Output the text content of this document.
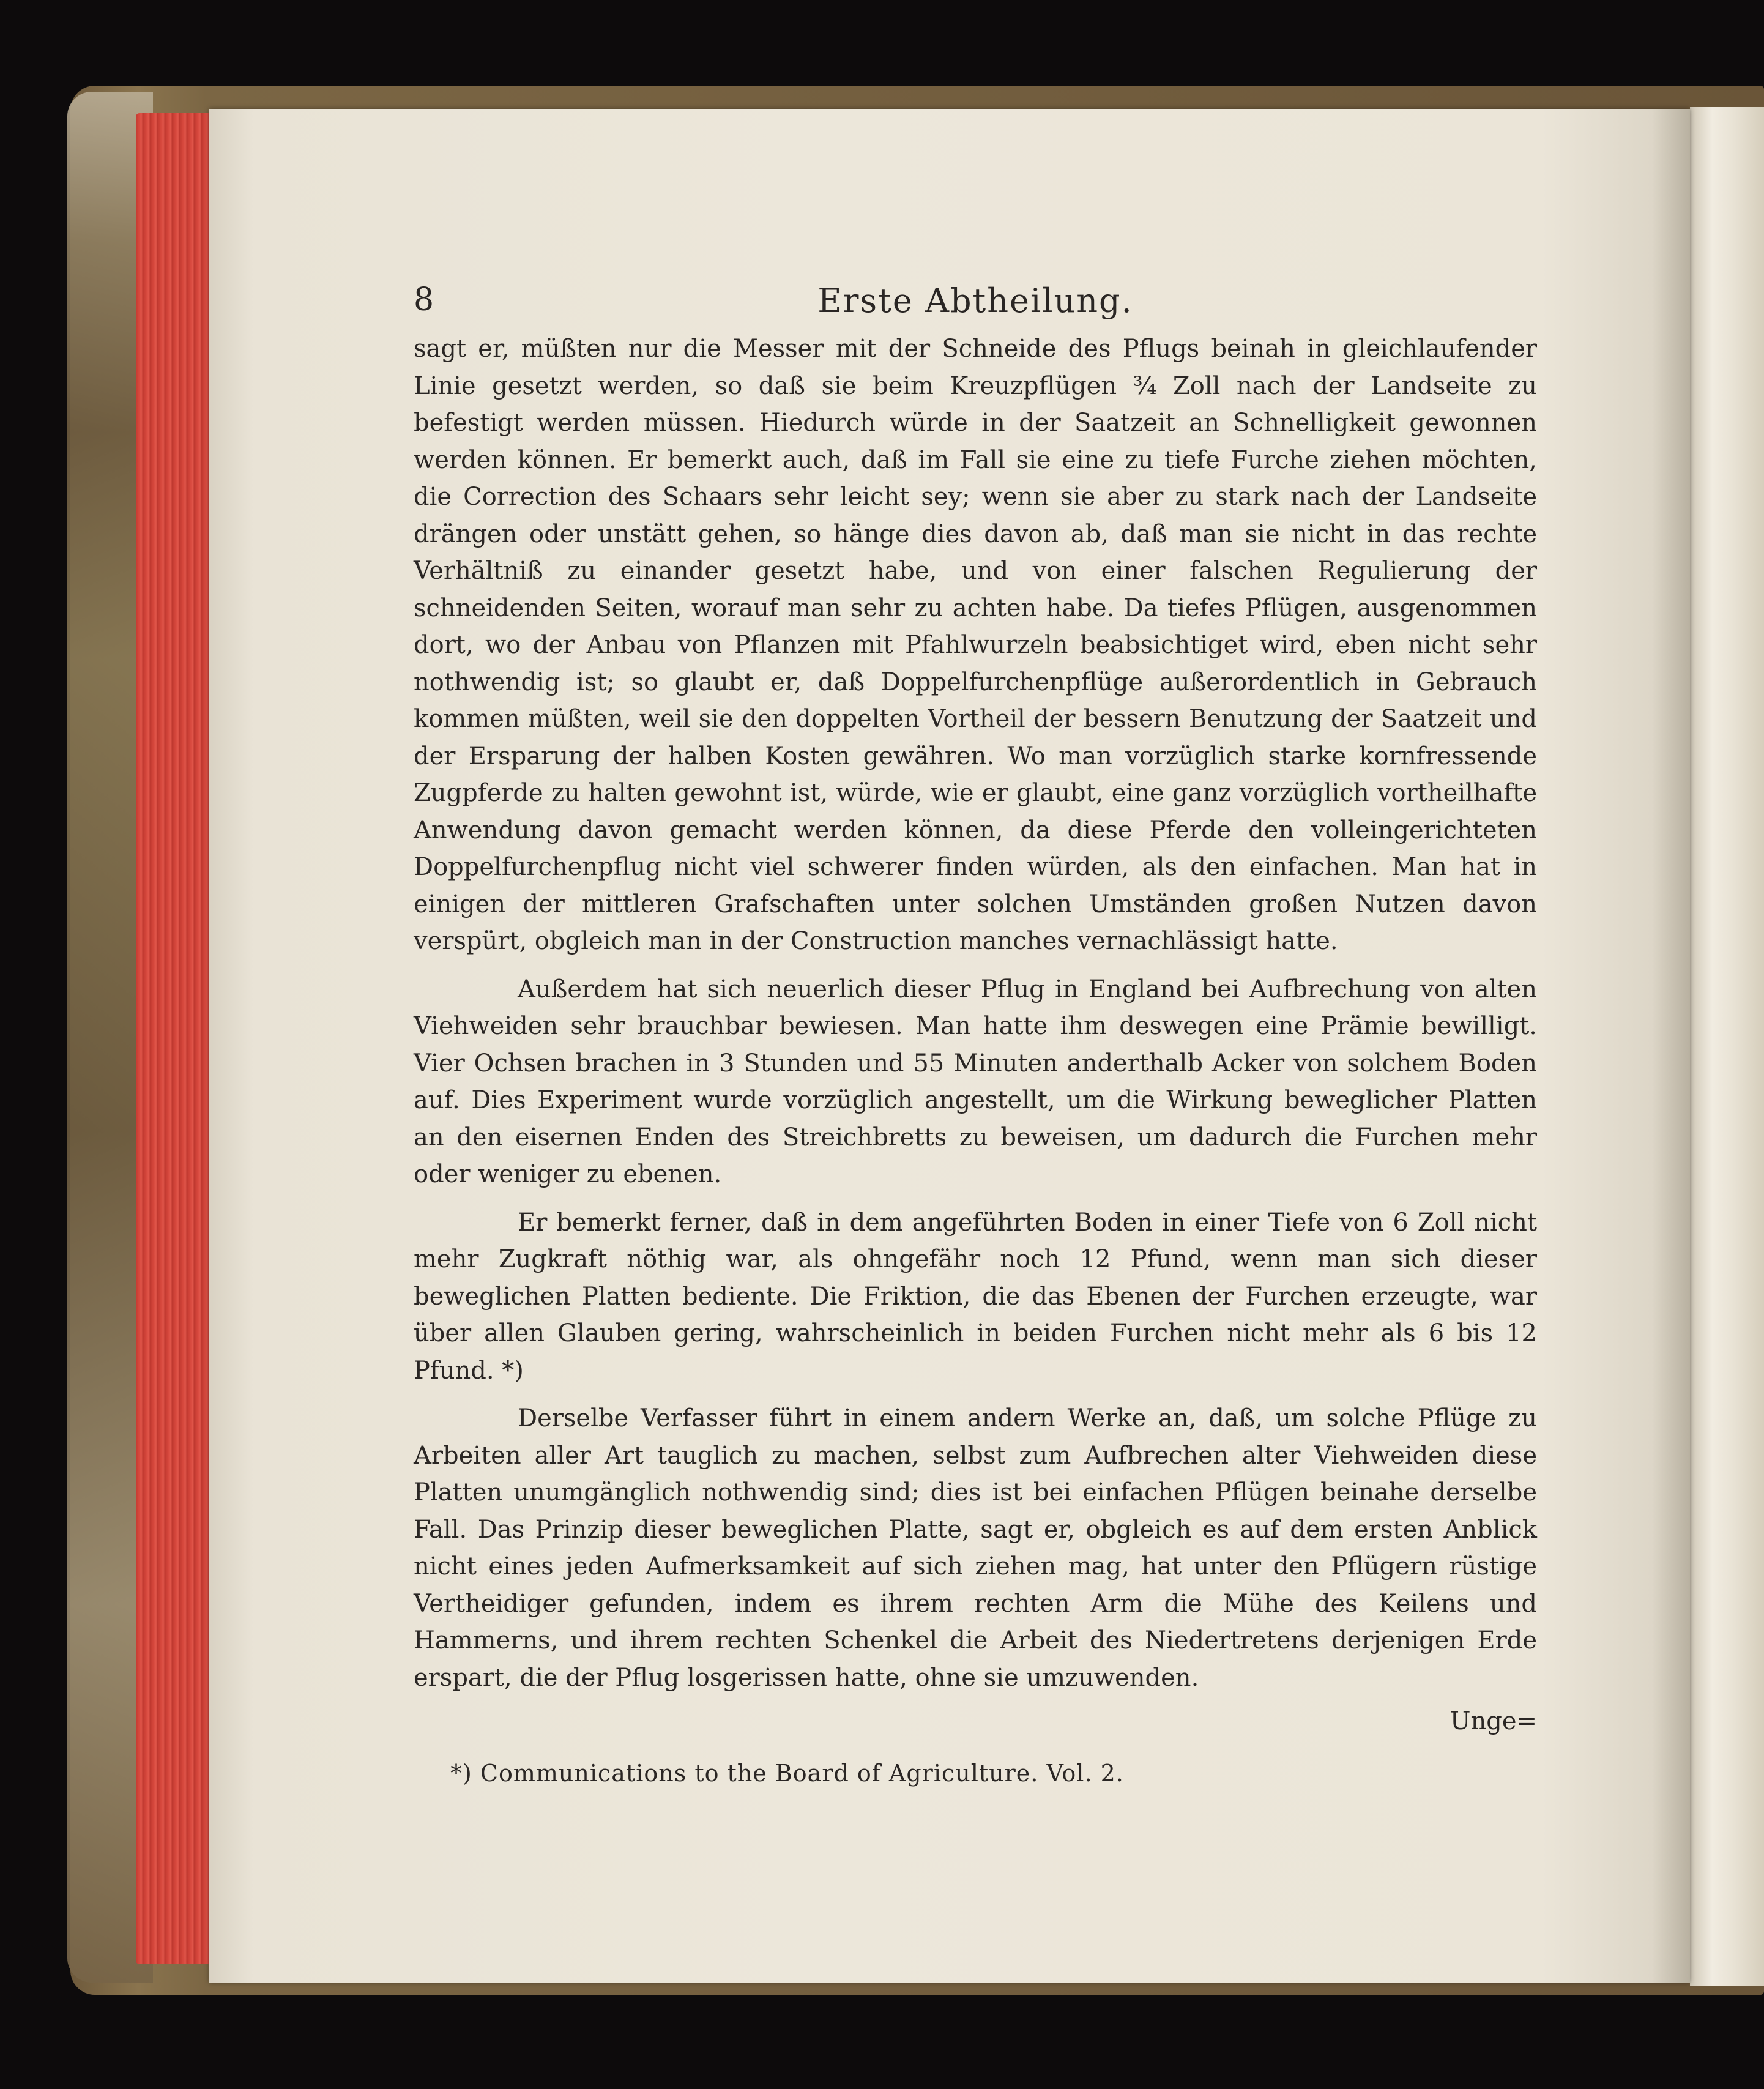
8	Erste Abtheilung.

sagt er, müßten nur die Messer mit der Schneide des Pflugs beinah in gleichlaufender Linie gesetzt werden, so daß sie beim Kreuzpflügen ¾ Zoll nach der Landseite zu befestigt werden müssen. Hiedurch würde in der Saatzeit an Schnelligkeit gewonnen werden können. Er bemerkt auch, daß im Fall sie eine zu tiefe Furche ziehen möchten, die Correction des Schaars sehr leicht sey; wenn sie aber zu stark nach der Landseite drängen oder unstätt gehen, so hänge dies davon ab, daß man sie nicht in das rechte Verhältniß zu einander gesetzt habe, und von einer falschen Regulierung der schneidenden Seiten, worauf man sehr zu achten habe. Da tiefes Pflügen, ausgenommen dort, wo der Anbau von Pflanzen mit Pfahlwurzeln beabsichtiget wird, eben nicht sehr nothwendig ist; so glaubt er, daß Doppelfurchenpflüge außerordentlich in Gebrauch kommen müßten, weil sie den doppelten Vortheil der bessern Benutzung der Saatzeit und der Ersparung der halben Kosten gewähren. Wo man vorzüglich starke kornfressende Zugpferde zu halten gewohnt ist, würde, wie er glaubt, eine ganz vorzüglich vortheilhafte Anwendung davon gemacht werden können, da diese Pferde den volleingerichteten Doppelfurchenpflug nicht viel schwerer finden würden, als den einfachen. Man hat in einigen der mittleren Grafschaften unter solchen Umständen großen Nutzen davon verspürt, obgleich man in der Construction manches vernachlässigt hatte.

Außerdem hat sich neuerlich dieser Pflug in England bei Aufbrechung von alten Viehweiden sehr brauchbar bewiesen. Man hatte ihm deswegen eine Prämie bewilligt. Vier Ochsen brachen in 3 Stunden und 55 Minuten anderthalb Acker von solchem Boden auf. Dies Experiment wurde vorzüglich angestellt, um die Wirkung beweglicher Platten an den eisernen Enden des Streichbretts zu beweisen, um dadurch die Furchen mehr oder weniger zu ebenen.

Er bemerkt ferner, daß in dem angeführten Boden in einer Tiefe von 6 Zoll nicht mehr Zugkraft nöthig war, als ohngefähr noch 12 Pfund, wenn man sich dieser beweglichen Platten bediente. Die Friktion, die das Ebenen der Furchen erzeugte, war über allen Glauben gering, wahrscheinlich in beiden Furchen nicht mehr als 6 bis 12 Pfund. *)

Derselbe Verfasser führt in einem andern Werke an, daß, um solche Pflüge zu Arbeiten aller Art tauglich zu machen, selbst zum Aufbrechen alter Viehweiden diese Platten unumgänglich nothwendig sind; dies ist bei einfachen Pflügen beinahe derselbe Fall. Das Prinzip dieser beweglichen Platte, sagt er, obgleich es auf dem ersten Anblick nicht eines jeden Aufmerksamkeit auf sich ziehen mag, hat unter den Pflügern rüstige Vertheidiger gefunden, indem es ihrem rechten Arm die Mühe des Keilens und Hammerns, und ihrem rechten Schenkel die Arbeit des Niedertretens derjenigen Erde erspart, die der Pflug losgerissen hatte, ohne sie umzuwenden.

Unge=
*) Communications to the Board of Agriculture. Vol. 2.
